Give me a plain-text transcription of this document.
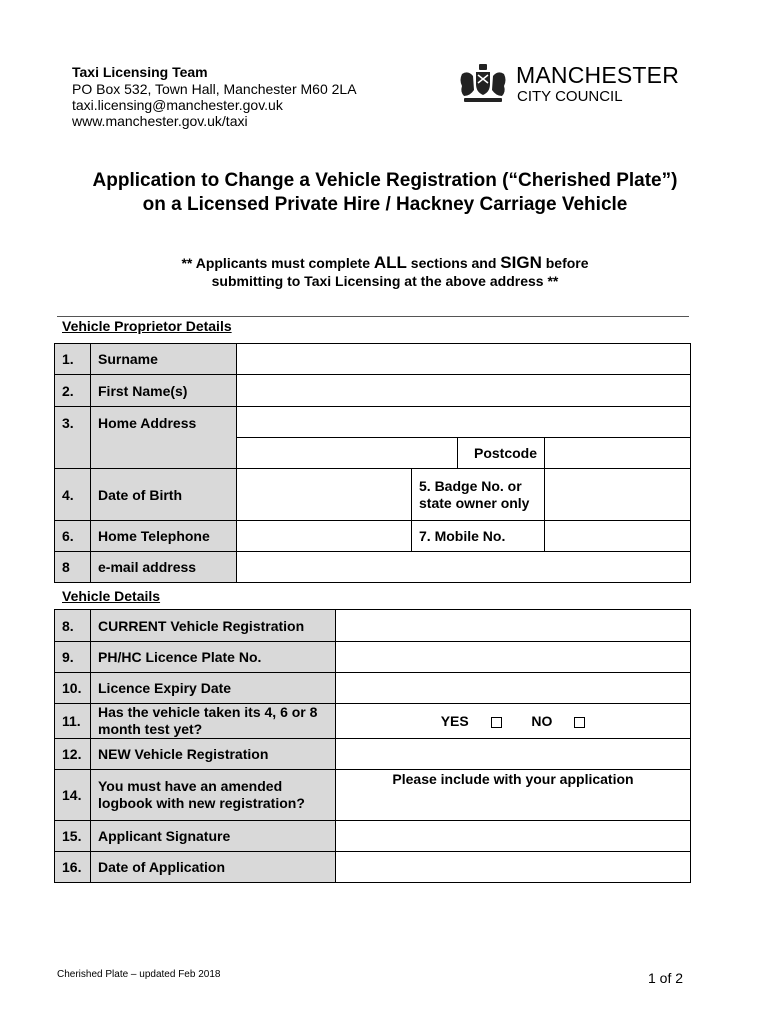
Taxi Licensing Team
PO Box 532, Town Hall, Manchester M60 2LA
taxi.licensing@manchester.gov.uk
www.manchester.gov.uk/taxi
MANCHESTER
CITY COUNCIL
Application to Change a Vehicle Registration (“Cherished Plate”)
on a Licensed Private Hire / Hackney Carriage Vehicle
** Applicants must complete ALL sections and SIGN before
submitting to Taxi Licensing at the above address **
Vehicle Proprietor Details
1.	Surname				
2.	First Name(s)				
3.	Home Address				
				Postcode	
4.	Date of Birth		5. Badge No. or state owner only		
6.	Home Telephone		7. Mobile No.		
8	e-mail address				
Vehicle Details
8.	CURRENT Vehicle Registration	
9.	PH/HC Licence Plate No.	
10.	Licence Expiry Date	
11.	Has the vehicle taken its 4, 6 or 8 month test yet?	YES NO
12.	NEW Vehicle Registration	
14.	You must have an amended logbook with new registration?	Please include with your application
15.	Applicant Signature	
16.	Date of Application	
Cherished Plate – updated Feb 2018	1 of 2
